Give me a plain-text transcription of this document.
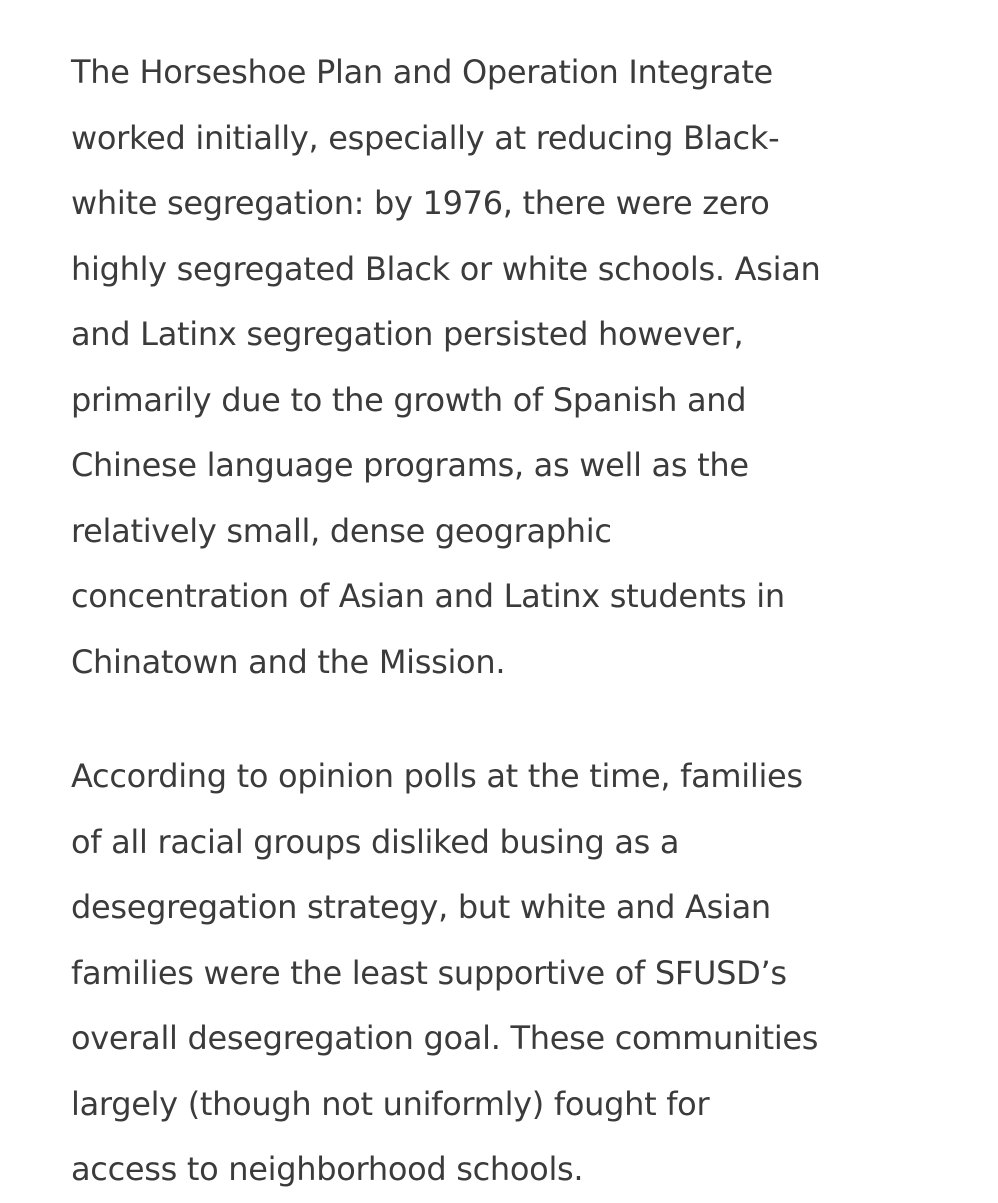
The Horseshoe Plan and Operation Integrate
worked initially, especially at reducing Black-
white segregation: by 1976, there were zero
highly segregated Black or white schools. Asian
and Latinx segregation persisted however,
primarily due to the growth of Spanish and
Chinese language programs, as well as the
relatively small, dense geographic
concentration of Asian and Latinx students in
Chinatown and the Mission.

According to opinion polls at the time, families
of all racial groups disliked busing as a
desegregation strategy, but white and Asian
families were the least supportive of SFUSD’s
overall desegregation goal. These communities
largely (though not uniformly) fought for
access to neighborhood schools.
